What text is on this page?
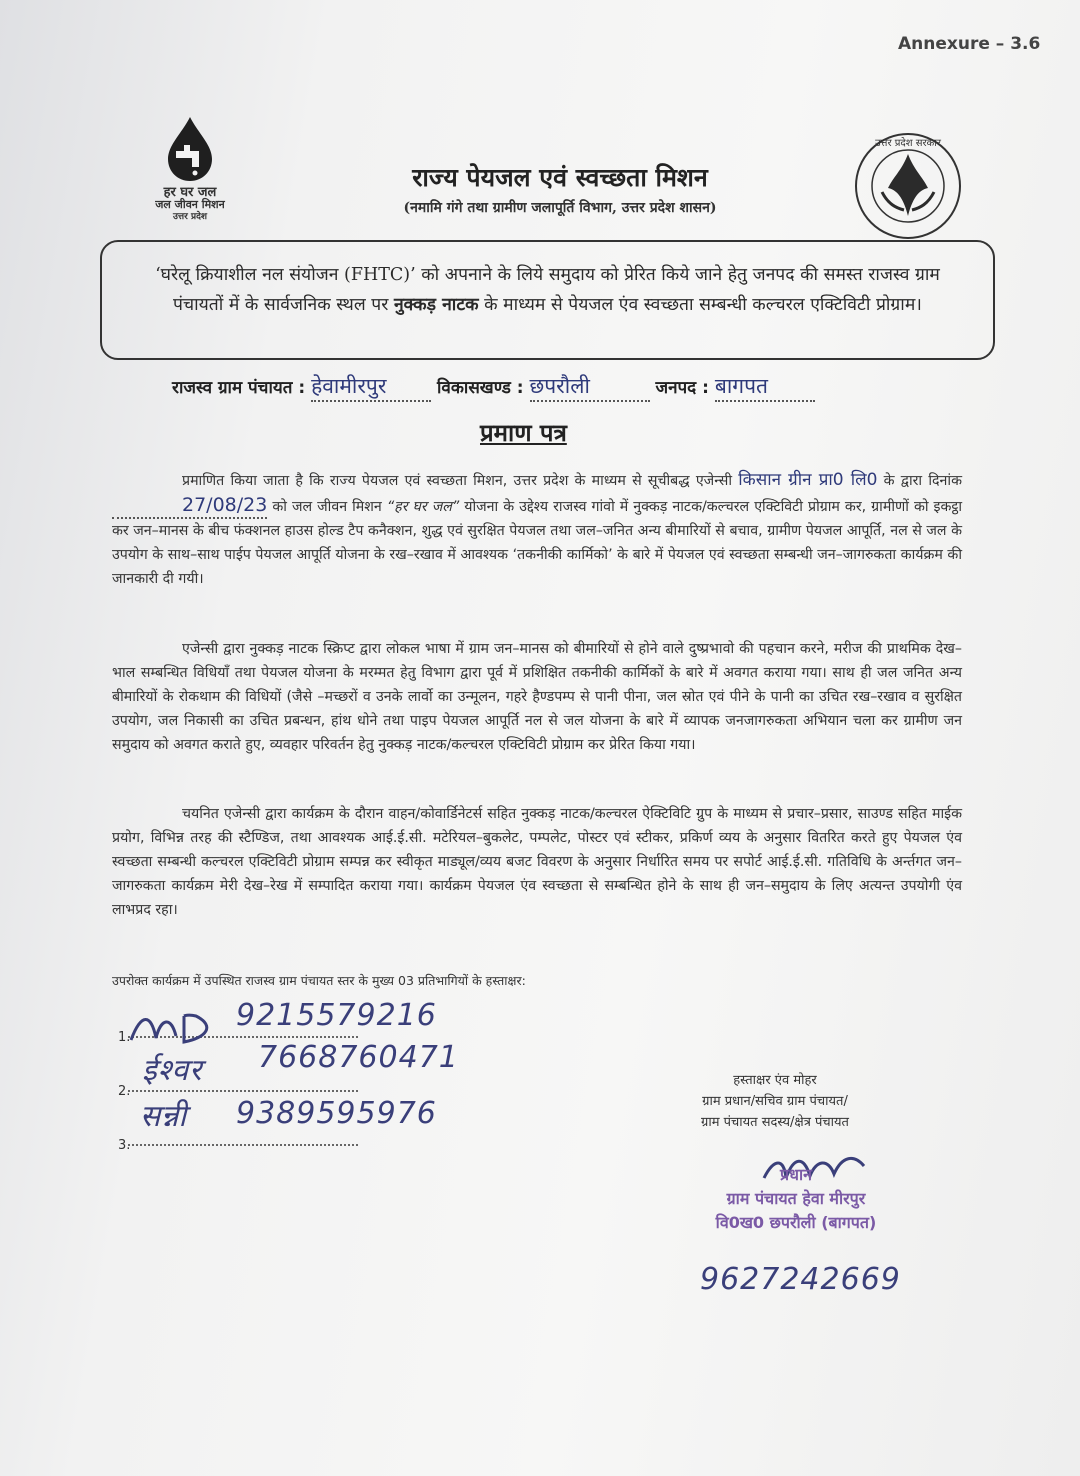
Annexure – 3.6
हर घर जल
जल जीवन मिशन
उत्तर प्रदेश
उत्तर प्रदेश सरकार
राज्य पेयजल एवं स्वच्छता मिशन
(नमामि गंगे तथा ग्रामीण जलापूर्ति विभाग, उत्तर प्रदेश शासन)
‘घरेलू क्रियाशील नल संयोजन (FHTC)’ को अपनाने के लिये समुदाय को प्रेरित किये जाने हेतु जनपद की समस्त राजस्व ग्राम पंचायतों में के सार्वजनिक स्थल पर नुक्कड़ नाटक के माध्यम से पेयजल एंव स्वच्छता सम्बन्धी कल्चरल एक्टिविटी प्रोग्राम।
राजस्व ग्राम पंचायत : हेवामीरपुर	विकासखण्ड : छपरौली	जनपद : बागपत
प्रमाण पत्र
प्रमाणित किया जाता है कि राज्य पेयजल एवं स्वच्छता मिशन, उत्तर प्रदेश के माध्यम से सूचीबद्ध एजेन्सी किसान ग्रीन प्रा0 लि0 के द्वारा दिनांक 27/08/23 को जल जीवन मिशन “हर घर जल” योजना के उद्देश्य राजस्व गांवो में नुक्कड़ नाटक/कल्चरल एक्टिविटी प्रोग्राम कर, ग्रामीणों को इकट्ठा कर जन–मानस के बीच फंक्शनल हाउस होल्ड टैप कनैक्शन, शुद्ध एवं सुरक्षित पेयजल तथा जल–जनित अन्य बीमारियों से बचाव, ग्रामीण पेयजल आपूर्ति, नल से जल के उपयोग के साथ–साथ पाईप पेयजल आपूर्ति योजना के रख–रखाव में आवश्यक ‘तकनीकी कार्मिको’ के बारे में पेयजल एवं स्वच्छता सम्बन्धी जन–जागरुकता कार्यक्रम की जानकारी दी गयी।
एजेन्सी द्वारा नुक्कड़ नाटक स्क्रिप्ट द्वारा लोकल भाषा में ग्राम जन–मानस को बीमारियों से होने वाले दुष्प्रभावो की पहचान करने, मरीज की प्राथमिक देख–भाल सम्बन्धित विधियाँ तथा पेयजल योजना के मरम्मत हेतु विभाग द्वारा पूर्व में प्रशिक्षित तकनीकी कार्मिकों के बारे में अवगत कराया गया। साथ ही जल जनित अन्य बीमारियों के रोकथाम की विधियों (जैसे –मच्छरों व उनके लार्वो का उन्मूलन, गहरे हैण्डपम्प से पानी पीना, जल स्रोत एवं पीने के पानी का उचित रख–रखाव व सुरक्षित उपयोग, जल निकासी का उचित प्रबन्धन, हांथ धोने तथा पाइप पेयजल आपूर्ति नल से जल योजना के बारे में व्यापक जनजागरुकता अभियान चला कर ग्रामीण जन समुदाय को अवगत कराते हुए, व्यवहार परिवर्तन हेतु नुक्कड़ नाटक/कल्चरल एक्टिविटी प्रोग्राम कर प्रेरित किया गया।
चयनित एजेन्सी द्वारा कार्यक्रम के दौरान वाहन/कोवार्डिनेटर्स सहित नुक्कड़ नाटक/कल्चरल ऐक्टिविटि ग्रुप के माध्यम से प्रचार–प्रसार, साउण्ड सहित माईक प्रयोग, विभिन्न तरह की स्टैण्डिज, तथा आवश्यक आई.ई.सी. मटेरियल–बुकलेट, पम्पलेट, पोस्टर एवं स्टीकर, प्रकिर्ण व्यय के अनुसार वितरित करते हुए पेयजल एंव स्वच्छता सम्बन्धी कल्चरल एक्टिविटी प्रोग्राम सम्पन्न कर स्वीकृत माड्यूल/व्यय बजट विवरण के अनुसार निर्धारित समय पर सपोर्ट आई.ई.सी. गतिविधि के अर्न्तगत जन–जागरुकता कार्यक्रम मेरी देख–रेख में सम्पादित कराया गया। कार्यक्रम पेयजल एंव स्वच्छता से सम्बन्धित होने के साथ ही जन–समुदाय के लिए अत्यन्त उपयोगी एंव लाभप्रद रहा।
उपरोक्त कार्यक्रम में उपस्थित राजस्व ग्राम पंचायत स्तर के मुख्य 03 प्रतिभागियों के हस्ताक्षर:
1.
9215579216
2.
ईश्वर 7668760471
3.
सन्नी 9389595976
हस्ताक्षर एंव मोहर
ग्राम प्रधान/सचिव ग्राम पंचायत/
ग्राम पंचायत सदस्य/क्षेत्र पंचायत
प्रधान
ग्राम पंचायत हेवा मीरपुर
वि0ख0 छपरौली (बागपत)
9627242669
